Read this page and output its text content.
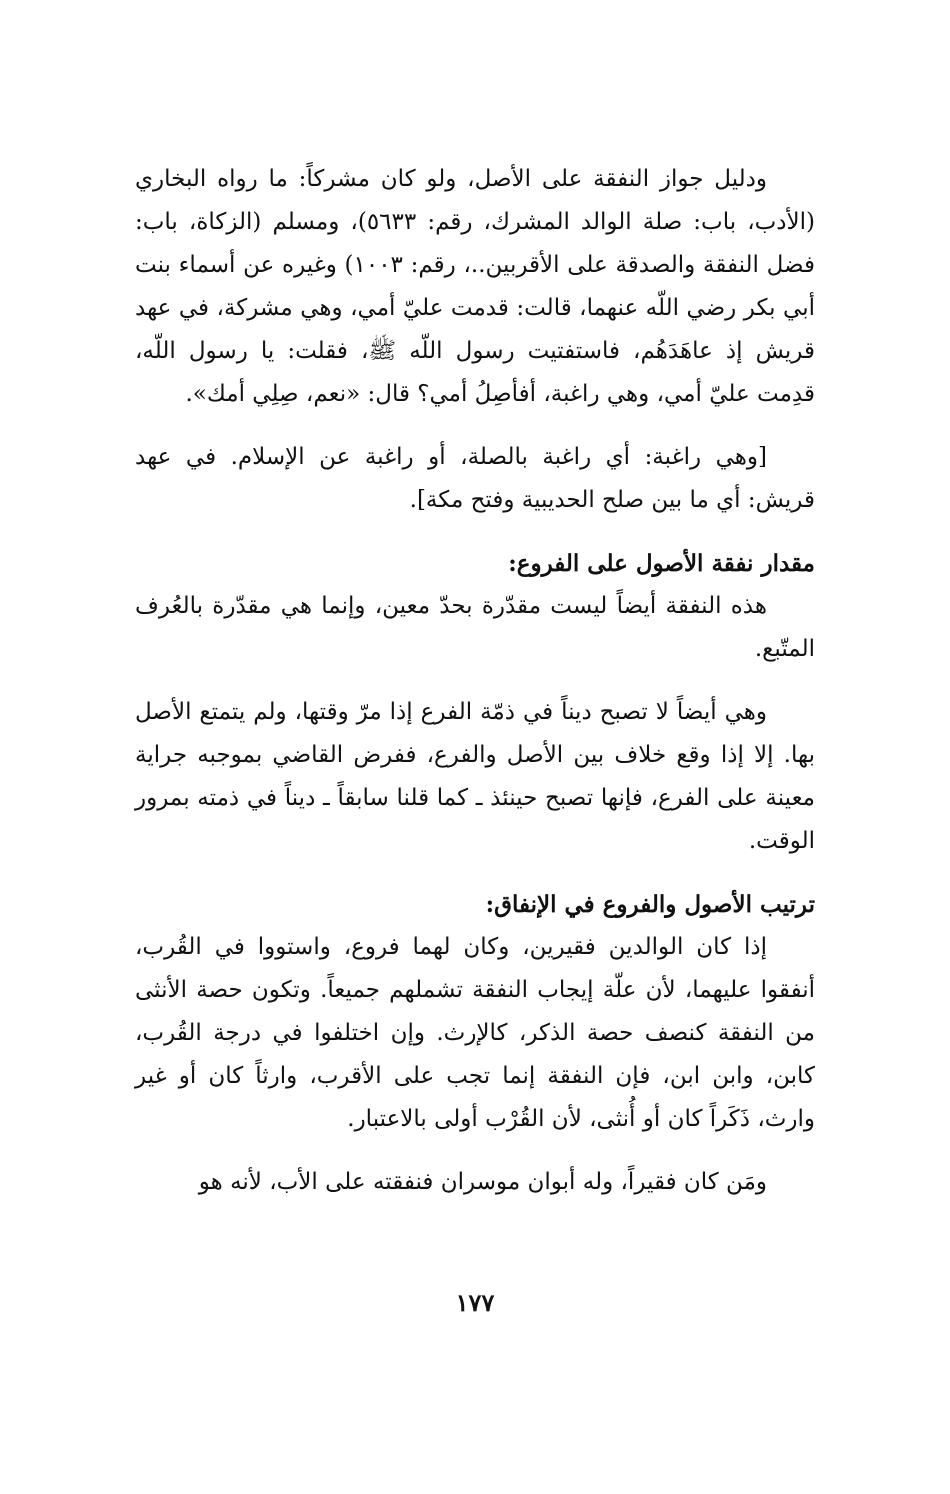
ودليل جواز النفقة على الأصل، ولو كان مشركاً: ما رواه البخاري (الأدب، باب: صلة الوالد المشرك، رقم: ٥٦٣٣)، ومسلم (الزكاة، باب: فضل النفقة والصدقة على الأقربين..، رقم: ١٠٠٣) وغيره عن أسماء بنت أبي بكر رضي اللّه عنهما، قالت: قدمت عليّ أمي، وهي مشركة، في عهد قريش إذ عاهَدَهُم، فاستفتيت رسول اللّه ﷺ، فقلت: يا رسول اللّه، قدِمت عليّ أمي، وهي راغبة، أفأصِلُ أمي؟ قال: «نعم، صِلِي أمك».

[وهي راغبة: أي راغبة بالصلة، أو راغبة عن الإسلام. في عهد قريش: أي ما بين صلح الحديبية وفتح مكة].

مقدار نفقة الأصول على الفروع:

هذه النفقة أيضاً ليست مقدّرة بحدّ معين، وإنما هي مقدّرة بالعُرف المتّبع.

وهي أيضاً لا تصبح ديناً في ذمّة الفرع إذا مرّ وقتها، ولم يتمتع الأصل بها. إلا إذا وقع خلاف بين الأصل والفرع، ففرض القاضي بموجبه جراية معينة على الفرع، فإنها تصبح حينئذ ـ كما قلنا سابقاً ـ ديناً في ذمته بمرور الوقت.

ترتيب الأصول والفروع في الإنفاق:

إذا كان الوالدين فقيرين، وكان لهما فروع، واستووا في القُرب، أنفقوا عليهما، لأن علّة إيجاب النفقة تشملهم جميعاً. وتكون حصة الأنثى من النفقة كنصف حصة الذكر، كالإرث. وإن اختلفوا في درجة القُرب، كابن، وابن ابن، فإن النفقة إنما تجب على الأقرب، وارثاً كان أو غير وارث، ذَكَراً كان أو أُنثى، لأن القُرْب أولى بالاعتبار.

ومَن كان فقيراً، وله أبوان موسران فنفقته على الأب، لأنه هو

١٧٧
